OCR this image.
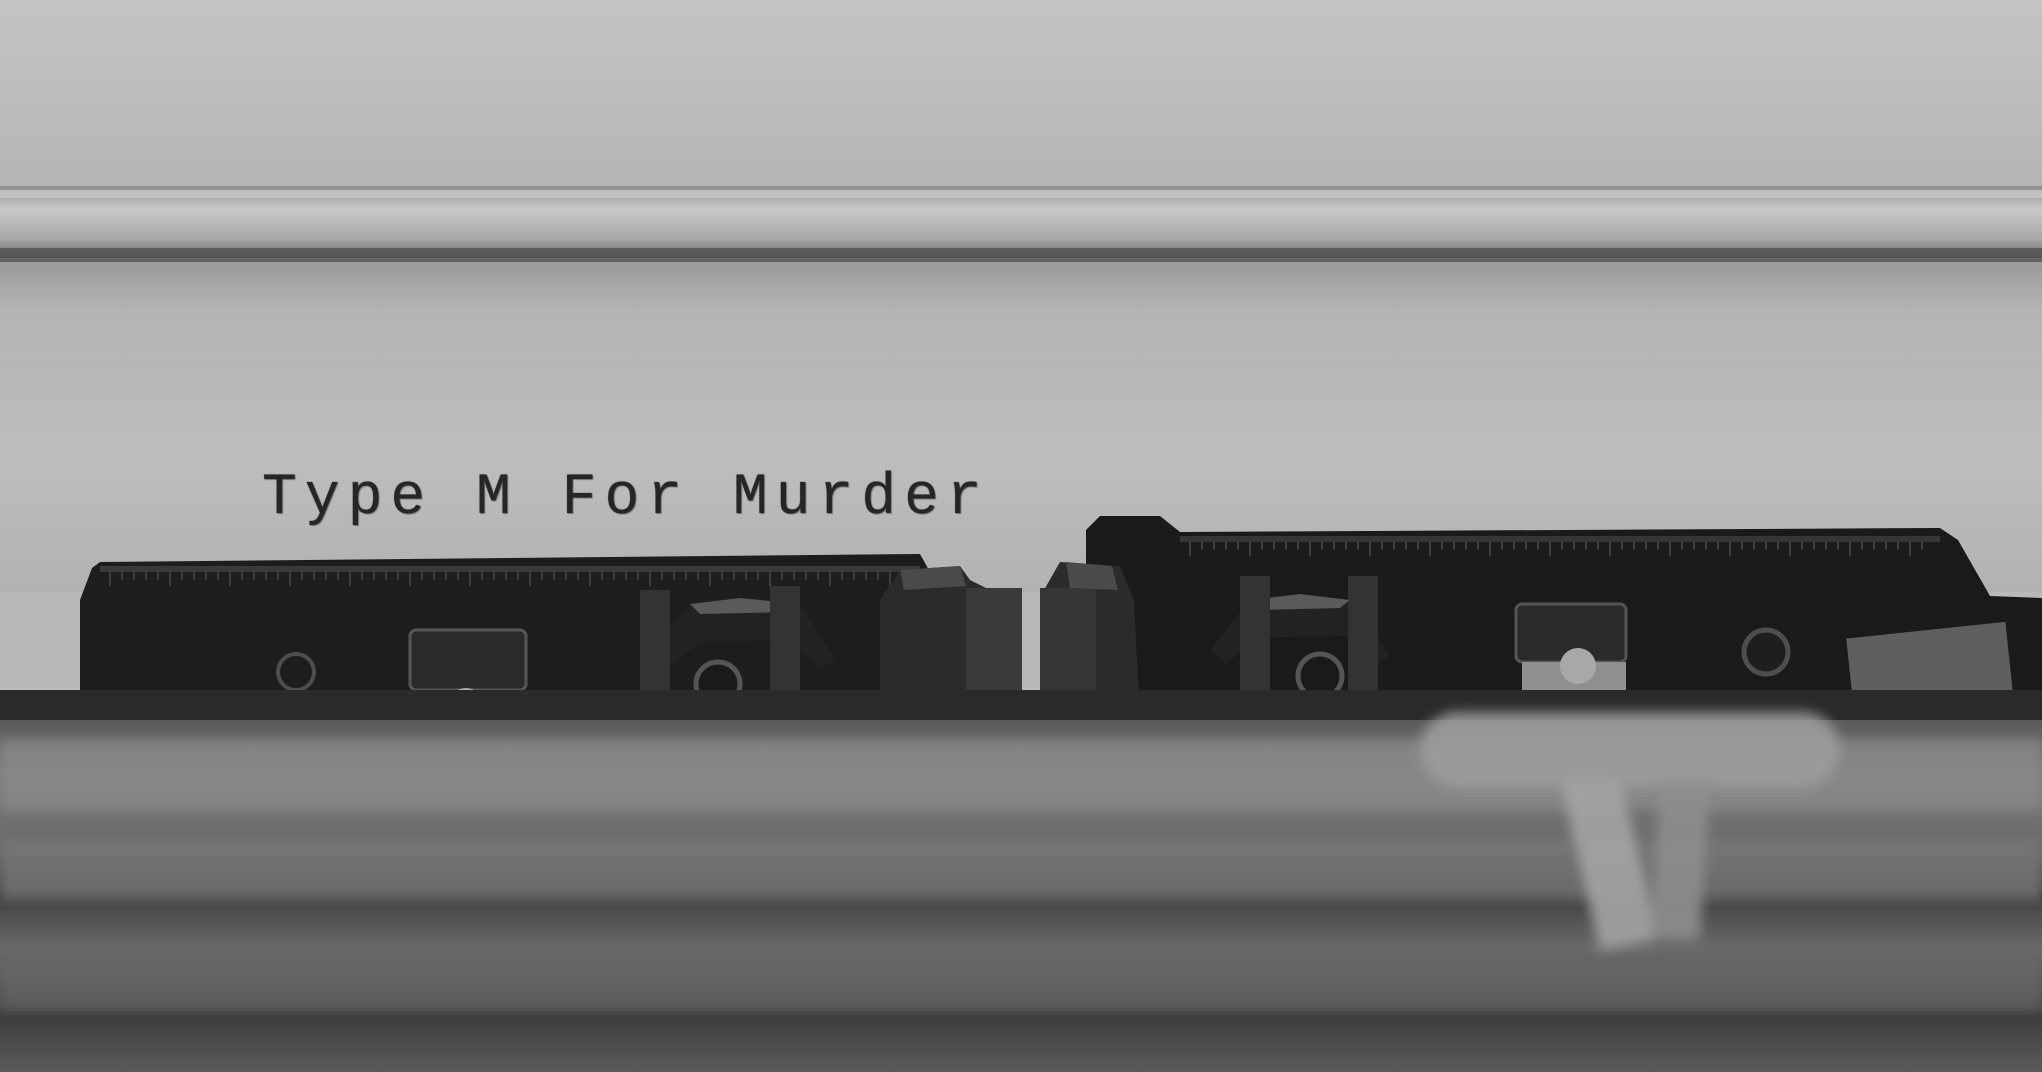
Type M For Murder
